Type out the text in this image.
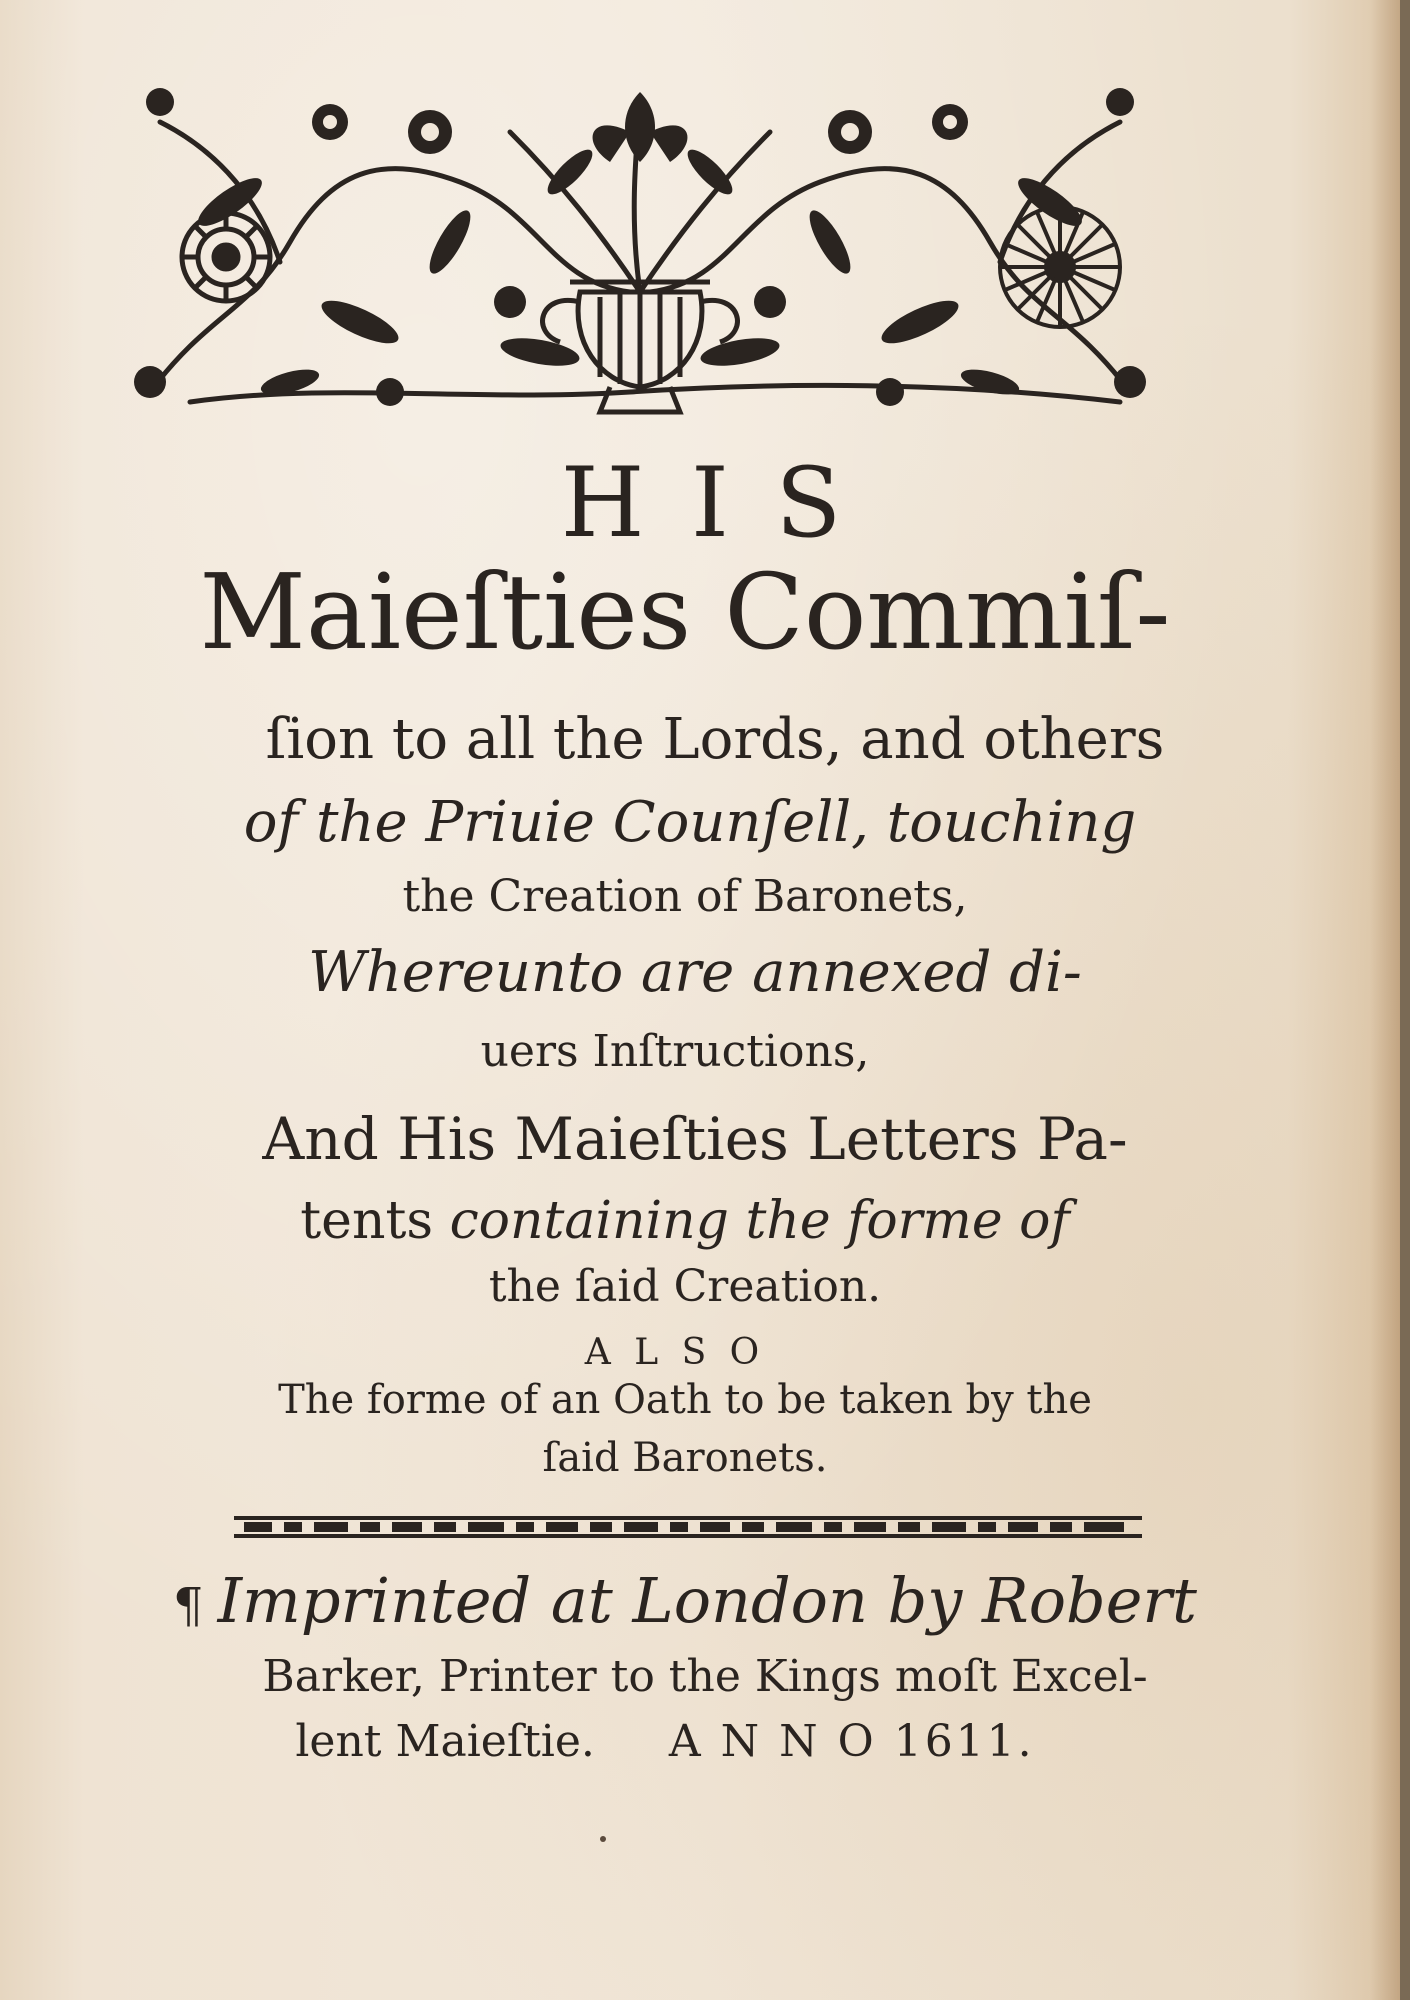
H I S
Maieſties Commiſ-
ſion to all the Lords, and others
of the Priuie Counſell, touching
the Creation of Baronets,
Whereunto are annexed di-
uers Inſtructions,
And His Maieſties Letters Pa-
tents containing the forme of
the ſaid Creation.
A L S O
The forme of an Oath to be taken by the
ſaid Baronets.
¶ Imprinted at London by Robert
Barker, Printer to the Kings moſt Excel-
lent Maieſtie. A N N O 1611.
